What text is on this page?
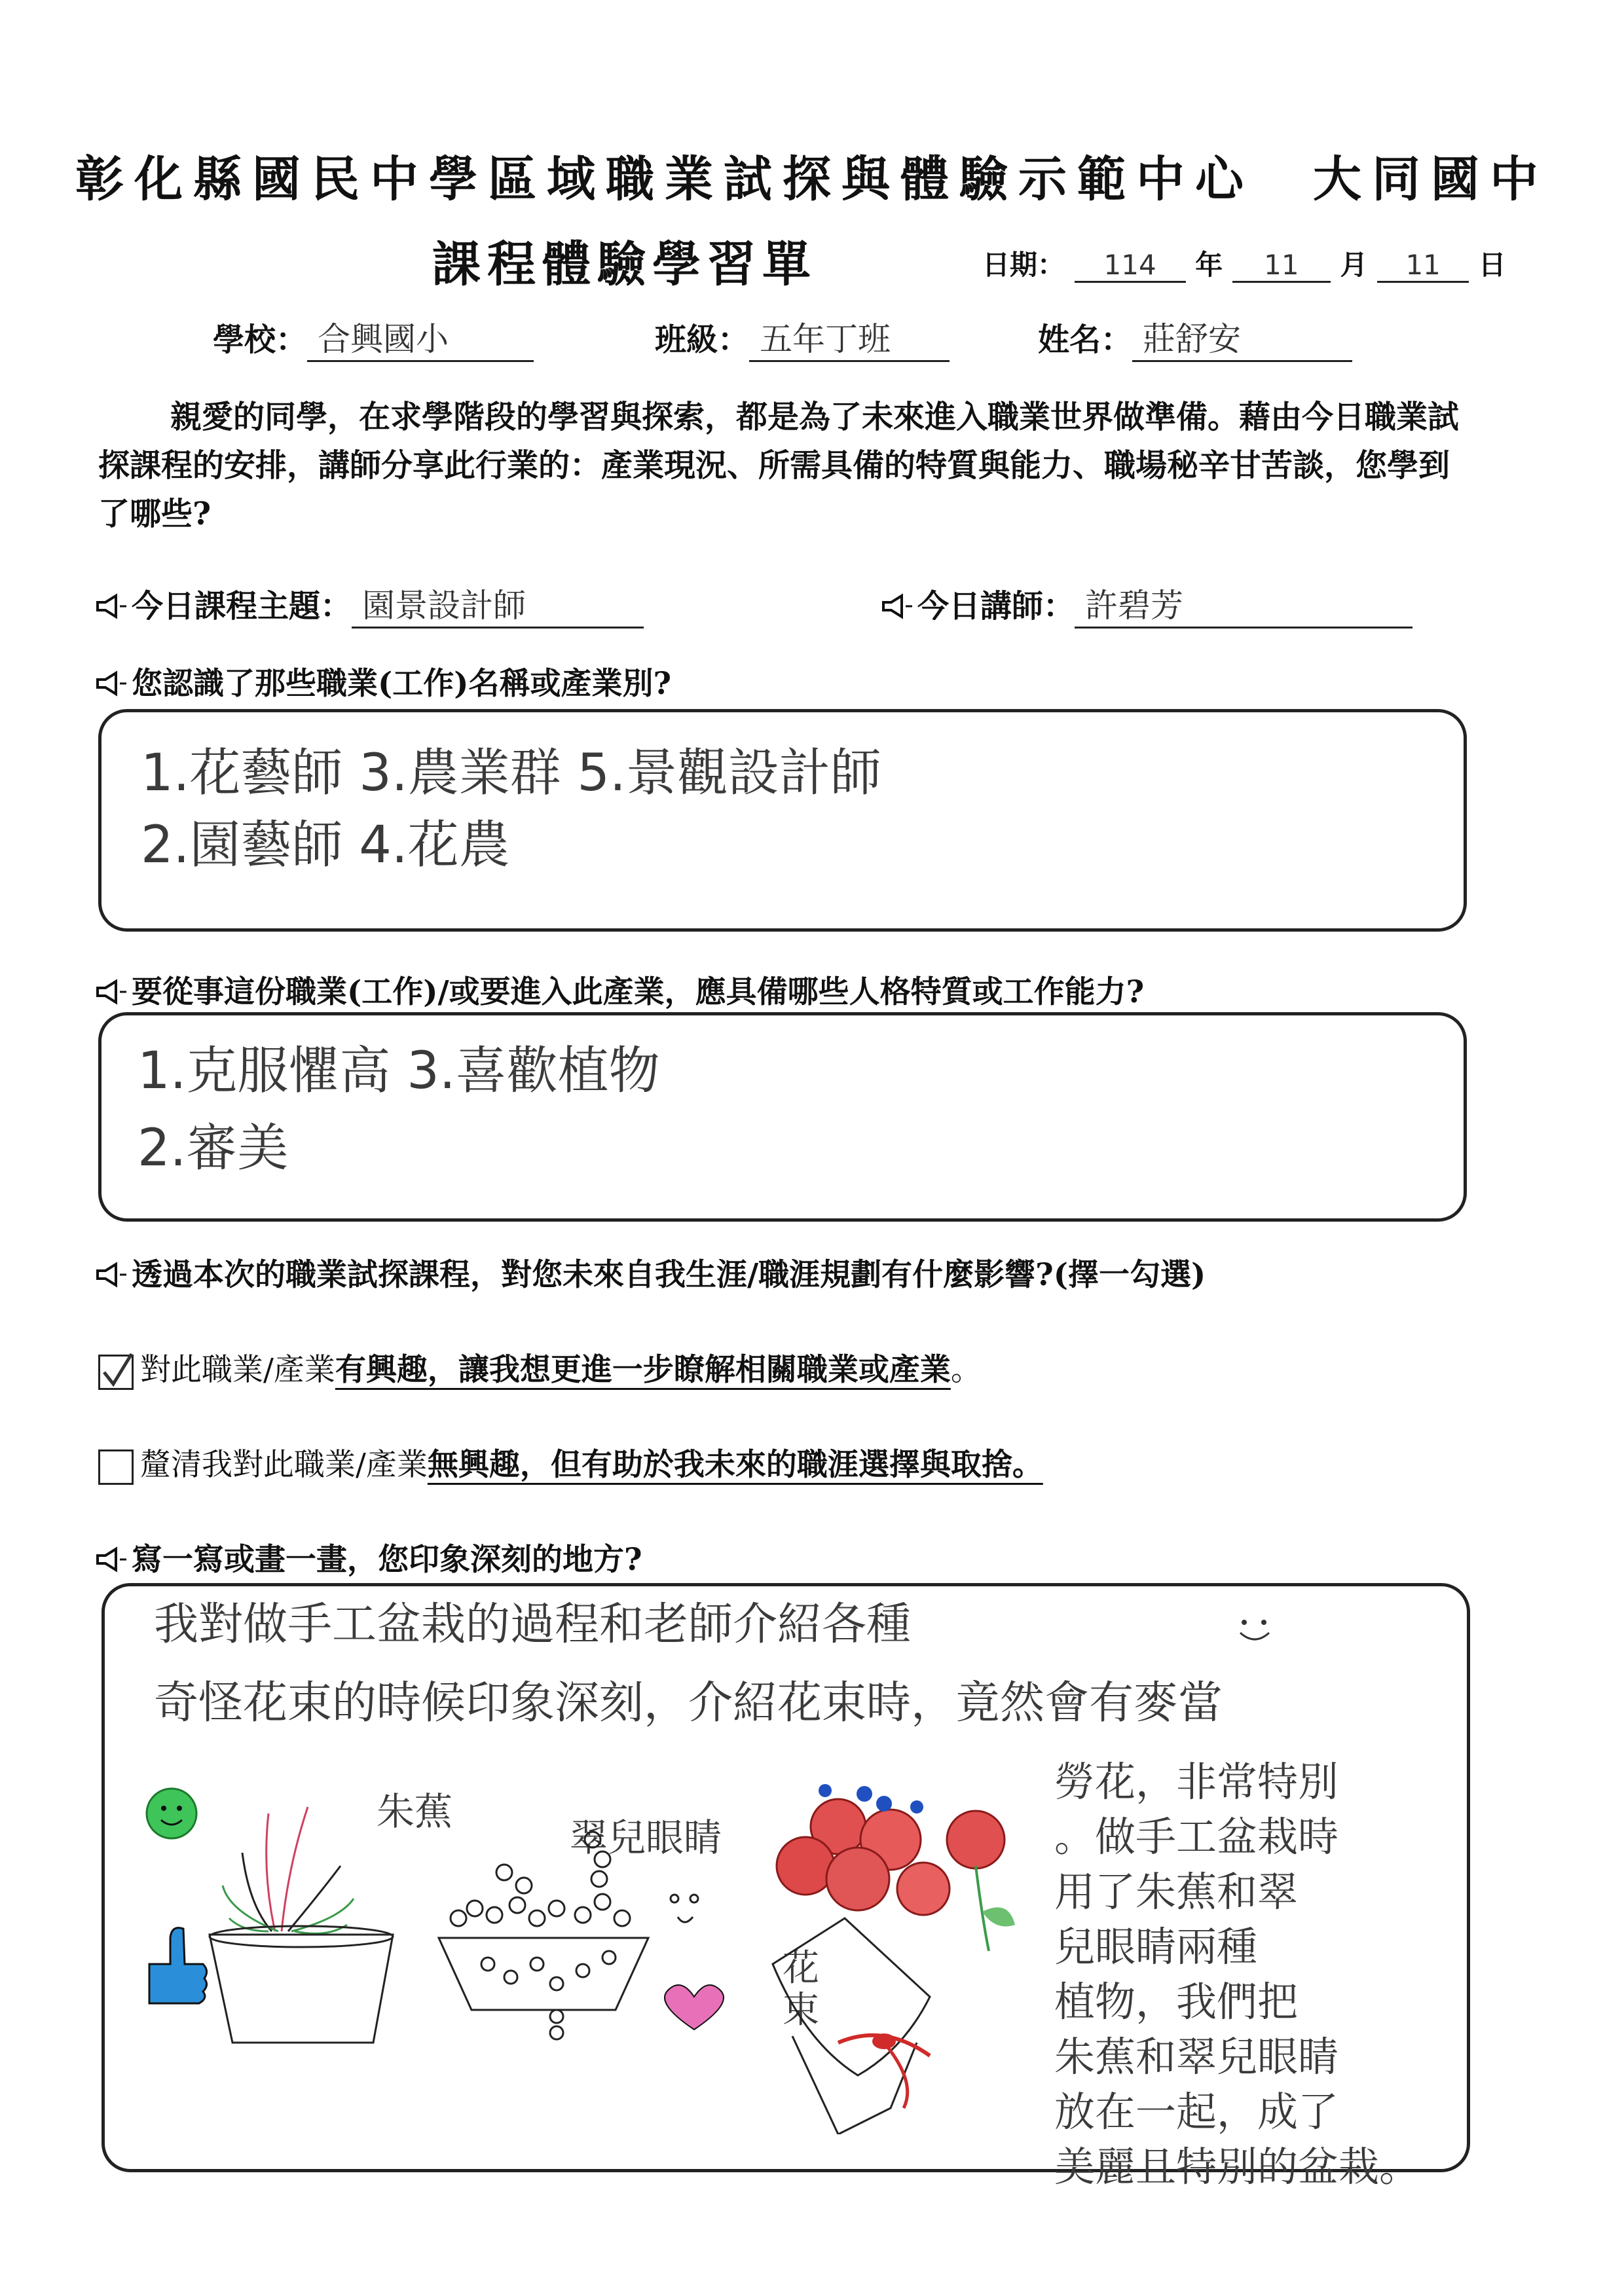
彰化縣國民中學區域職業試探與體驗示範中心　大同國中
課程體驗學習單	日期： 114 年 11 月 11 日
學校： 合興國小	班級： 五年丁班	姓名： 莊舒安
親愛的同學，在求學階段的學習與探索，都是為了未來進入職業世界做準備。藉由今日職業試探課程的安排，講師分享此行業的：產業現況、所需具備的特質與能力、職場秘辛甘苦談，您學到了哪些?
今日課程主題： 園景設計師	今日講師： 許碧芳
您認識了那些職業(工作)名稱或產業別?
1.花藝師 3.農業群 5.景觀設計師
2.園藝師 4.花農
要從事這份職業(工作)/或要進入此產業，應具備哪些人格特質或工作能力?
1.克服懼高 3.喜歡植物
2.審美
透過本次的職業試探課程，對您未來自我生涯/職涯規劃有什麼影響?(擇一勾選)
對此職業/產業有興趣，讓我想更進一步瞭解相關職業或產業。
釐清我對此職業/產業無興趣，但有助於我未來的職涯選擇與取捨。
寫一寫或畫一畫，您印象深刻的地方?
我對做手工盆栽的過程和老師介紹各種
奇怪花束的時候印象深刻，介紹花束時，竟然會有麥當
勞花，非常特別
。做手工盆栽時
用了朱蕉和翠
兒眼睛兩種
植物，我們把
朱蕉和翠兒眼睛
放在一起，成了
美麗且特別的盆栽。
朱蕉
翠兒眼睛
花束
